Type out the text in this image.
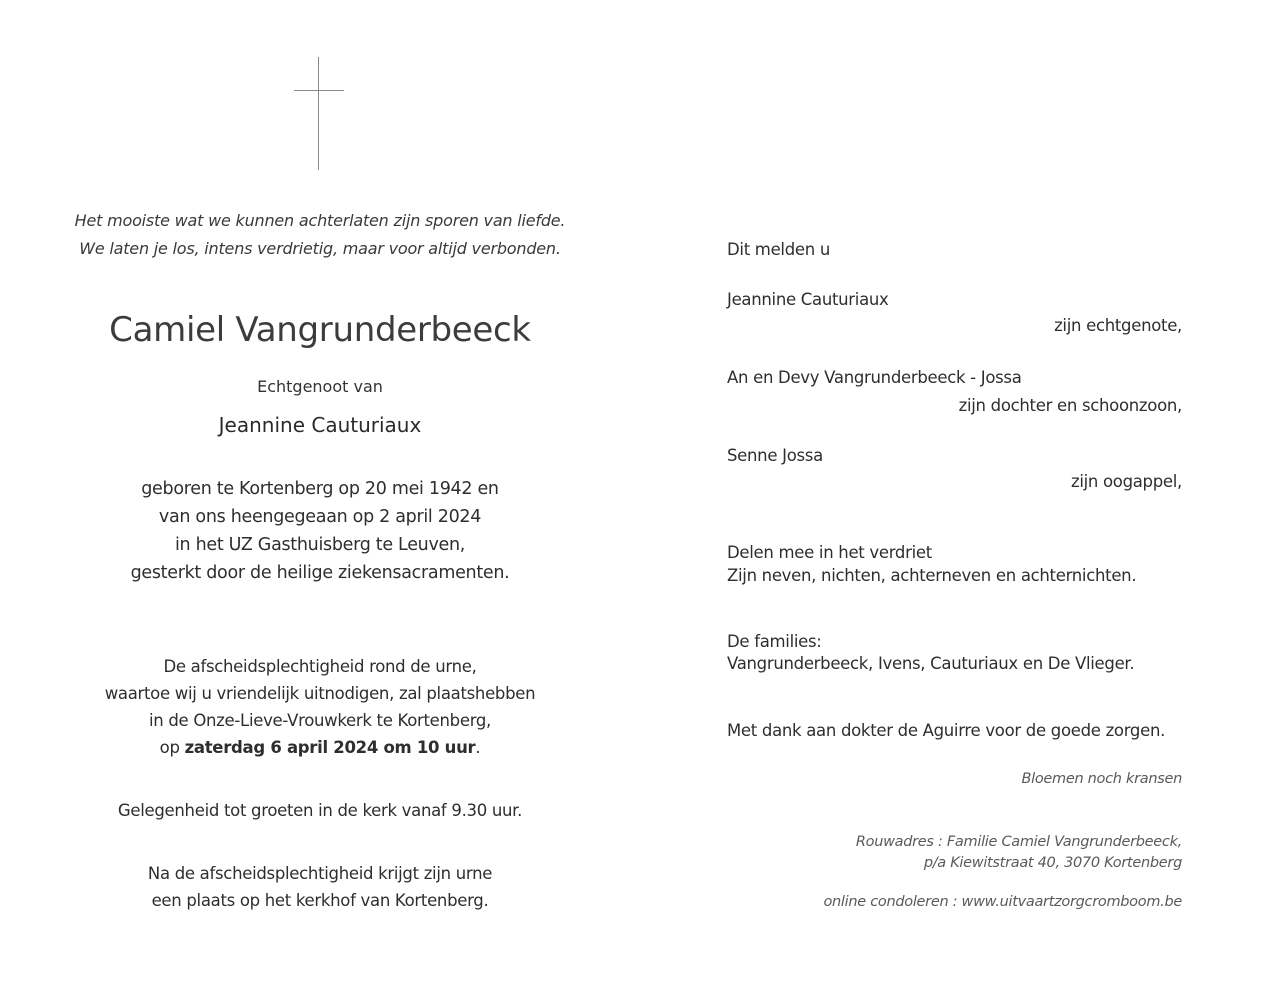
Het mooiste wat we kunnen achterlaten zijn sporen van liefde.
We laten je los, intens verdrietig, maar voor altijd verbonden.
Camiel Vangrunderbeeck
Echtgenoot van
Jeannine Cauturiaux
geboren te Kortenberg op 20 mei 1942 en
van ons heengegeaan op 2 april 2024
in het UZ Gasthuisberg te Leuven,
gesterkt door de heilige ziekensacramenten.
De afscheidsplechtigheid rond de urne,
waartoe wij u vriendelijk uitnodigen, zal plaatshebben
in de Onze-Lieve-Vrouwkerk te Kortenberg,
op zaterdag 6 april 2024 om 10 uur.
Gelegenheid tot groeten in de kerk vanaf 9.30 uur.
Na de afscheidsplechtigheid krijgt zijn urne
een plaats op het kerkhof van Kortenberg.
Dit melden u
Jeannine Cauturiaux
zijn echtgenote,
An en Devy Vangrunderbeeck - Jossa
zijn dochter en schoonzoon,
Senne Jossa
zijn oogappel,
Delen mee in het verdriet
Zijn neven, nichten, achterneven en achternichten.
De families:
Vangrunderbeeck, Ivens, Cauturiaux en De Vlieger.
Met dank aan dokter de Aguirre voor de goede zorgen.
Bloemen noch kransen
Rouwadres : Familie Camiel Vangrunderbeeck,
p/a Kiewitstraat 40, 3070 Kortenberg
online condoleren : www.uitvaartzorgcromboom.be
